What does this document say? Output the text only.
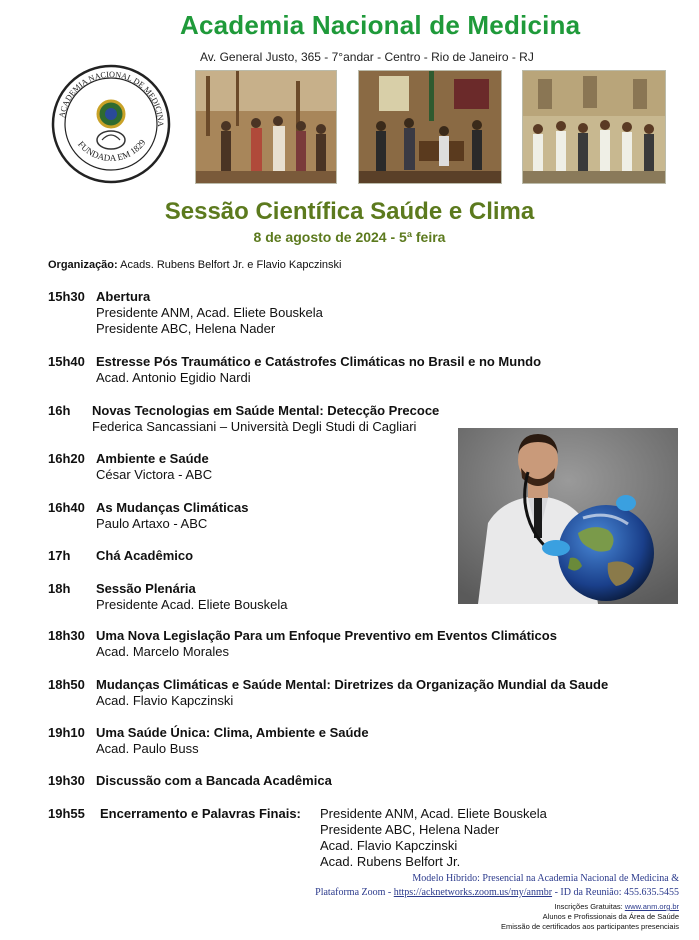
Academia Nacional de Medicina
Av. General Justo, 365 - 7°andar - Centro - Rio de Janeiro - RJ
ACADEMIA NACIONAL DE MEDICINA
FUNDADA EM 1829
Sessão Científica Saúde e Clima
8 de agosto de 2024 - 5ª feira
Organização: Acads. Rubens Belfort Jr. e Flavio Kapczinski
15h30 Abertura
Presidente ANM, Acad. Eliete Bouskela
Presidente ABC, Helena Nader
15h40 Estresse Pós Traumático e Catástrofes Climáticas no Brasil e no Mundo
Acad. Antonio Egidio Nardi
16h Novas Tecnologias em Saúde Mental: Detecção Precoce
Federica Sancassiani – Università Degli Studi di Cagliari
16h20 Ambiente e Saúde
César Victora - ABC
16h40 As Mudanças Climáticas
Paulo Artaxo - ABC
17h Chá Acadêmico
18h Sessão Plenária
Presidente Acad. Eliete Bouskela
18h30 Uma Nova Legislação Para um Enfoque Preventivo em Eventos Climáticos
Acad. Marcelo Morales
18h50 Mudanças Climáticas e Saúde Mental: Diretrizes da Organização Mundial da Saude
Acad. Flavio Kapczinski
19h10 Uma Saúde Única: Clima, Ambiente e Saúde
Acad. Paulo Buss
19h30 Discussão com a Bancada Acadêmica
19h55 Encerramento e Palavras Finais: Presidente ANM, Acad. Eliete Bouskela
Presidente ABC, Helena Nader
Acad. Flavio Kapczinski
Acad. Rubens Belfort Jr.
Modelo Híbrido: Presencial na Academia Nacional de Medicina &
Plataforma Zoom - https://acknetworks.zoom.us/my/anmbr - ID da Reunião: 455.635.5455
Inscrições Gratuitas: www.anm.org.br
Alunos e Profissionais da Área de Saúde
Emissão de certificados aos participantes presenciais
